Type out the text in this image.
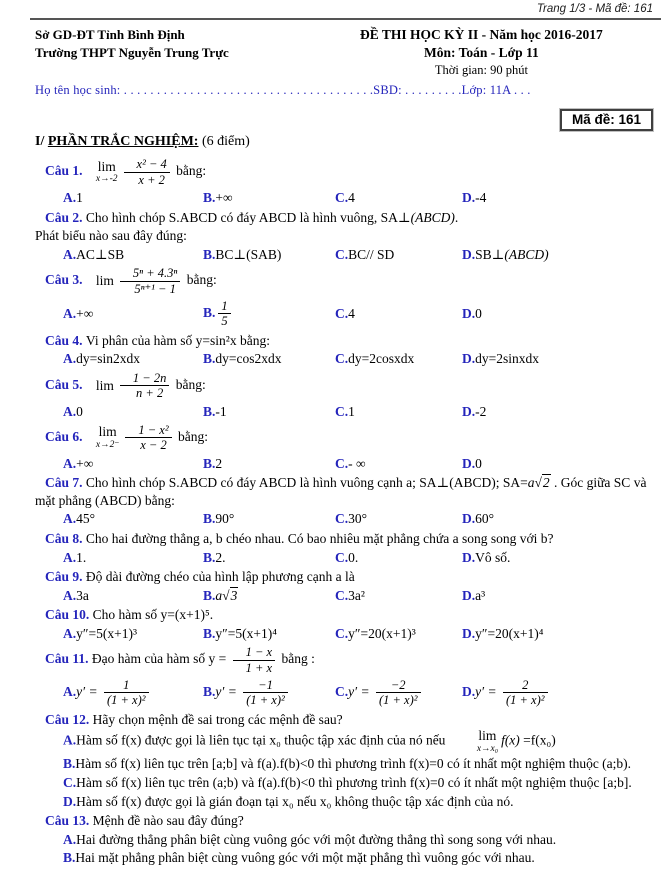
Trang 1/3 - Mã đề: 161
Sở GD-ĐT Tỉnh Bình Định
Trường THPT Nguyễn Trung Trực
ĐỀ THI HỌC KỲ II - Năm học 2016-2017
Môn: Toán - Lớp 11
Thời gian: 90 phút
Họ tên học sinh: . . . . . . . . . . . . . . . . . . . . . . . . . . . . . . . . . . . . . .SBD: . . . . . . . . .Lớp: 11A . . .
Mã đề: 161
I/ PHẦN TRẮC NGHIỆM: (6 điểm)

Câu 1. lim
$x\to-2 \frac{\text{x² − 4}}{x + 2}$ bằng:

A.1	B.+∞	C.4	D.-4

Câu 2. Cho hình chóp S.ABCD có đáy ABCD là hình vuông, SA⊥(ABCD).

Phát biểu nào sau đây đúng:

A.AC⊥SB	B.BC⊥(SAB)	C.BC// SD	D.SB⊥(ABCD)

Câu 3. $\lim \frac{\text{5ⁿ + 4.3ⁿ}}{\text{5ⁿ⁺¹ − 1}}$ bằng:

A.+∞	B. $\frac{1}{5}$	C.4	D.0

Câu 4. Vi phân của hàm số y=sin²x bằng:

A.dy=sin2xdx	B.dy=cos2xdx	C.dy=2cosxdx	D.dy=2sinxdx

Câu 5. $\lim \frac{1 - 2n}{n + 2}$ bằng:

A.0	B.-1	C.1	D.-2

Câu 6. lim
$x\to 2^- \frac{\text{1 − x²}}{x - 2}$ bằng:

A.+∞	B.2	C.- ∞	D.0

Câu 7. Cho hình chóp S.ABCD có đáy ABCD là hình vuông cạnh a; SA⊥(ABCD); SA=a√2 . Góc giữa SC và mặt phẳng (ABCD) bằng:

A.45°	B.90°	C.30°	D.60°

Câu 8. Cho hai đường thẳng a, b chéo nhau. Có bao nhiêu mặt phẳng chứa a song song với b?

A.1.	B.2.	C.0.	D.Vô số.

Câu 9. Độ dài đường chéo của hình lập phương cạnh a là

A.3a	B.a√3	C.3a²	D.a³

Câu 10. Cho hàm số y=(x+1)⁵.

A.y″=5(x+1)³	B.y″=5(x+1)⁴	C.y″=20(x+1)³	D.y″=20(x+1)⁴

Câu 11. Đạo hàm của hàm số $y = \frac{1 - x}{1 + x}$ bằng :

$A.y' = \frac{1}{\text{(1 + x)²}}$	$B.y' = \frac{-1}{\text{(1 + x)²}}$	$C.y' = \frac{-2}{\text{(1 + x)²}}$	$D.y' = \frac{2}{\text{(1 + x)²}}$

Câu 12. Hãy chọn mệnh đề sai trong các mệnh đề sau?

A.Hàm số f(x) được gọi là liên tục tại x₀ thuộc tập xác định của nó nếu	lim
x→x₀
f(x) =f(x₀)

B.Hàm số f(x) liên tục trên [a;b] và f(a).f(b)<0 thì phương trình f(x)=0 có ít nhất một nghiệm thuộc (a;b).

C.Hàm số f(x) liên tục trên (a;b) và f(a).f(b)<0 thì phương trình f(x)=0 có ít nhất một nghiệm thuộc [a;b].

D.Hàm số f(x) được gọi là gián đoạn tại x₀ nếu x₀ không thuộc tập xác định của nó.

Câu 13. Mệnh đề nào sau đây đúng?

A.Hai đường thẳng phân biệt cùng vuông góc với một đường thẳng thì song song với nhau.

B.Hai mặt phẳng phân biệt cùng vuông góc với một mặt phẳng thì vuông góc với nhau.
